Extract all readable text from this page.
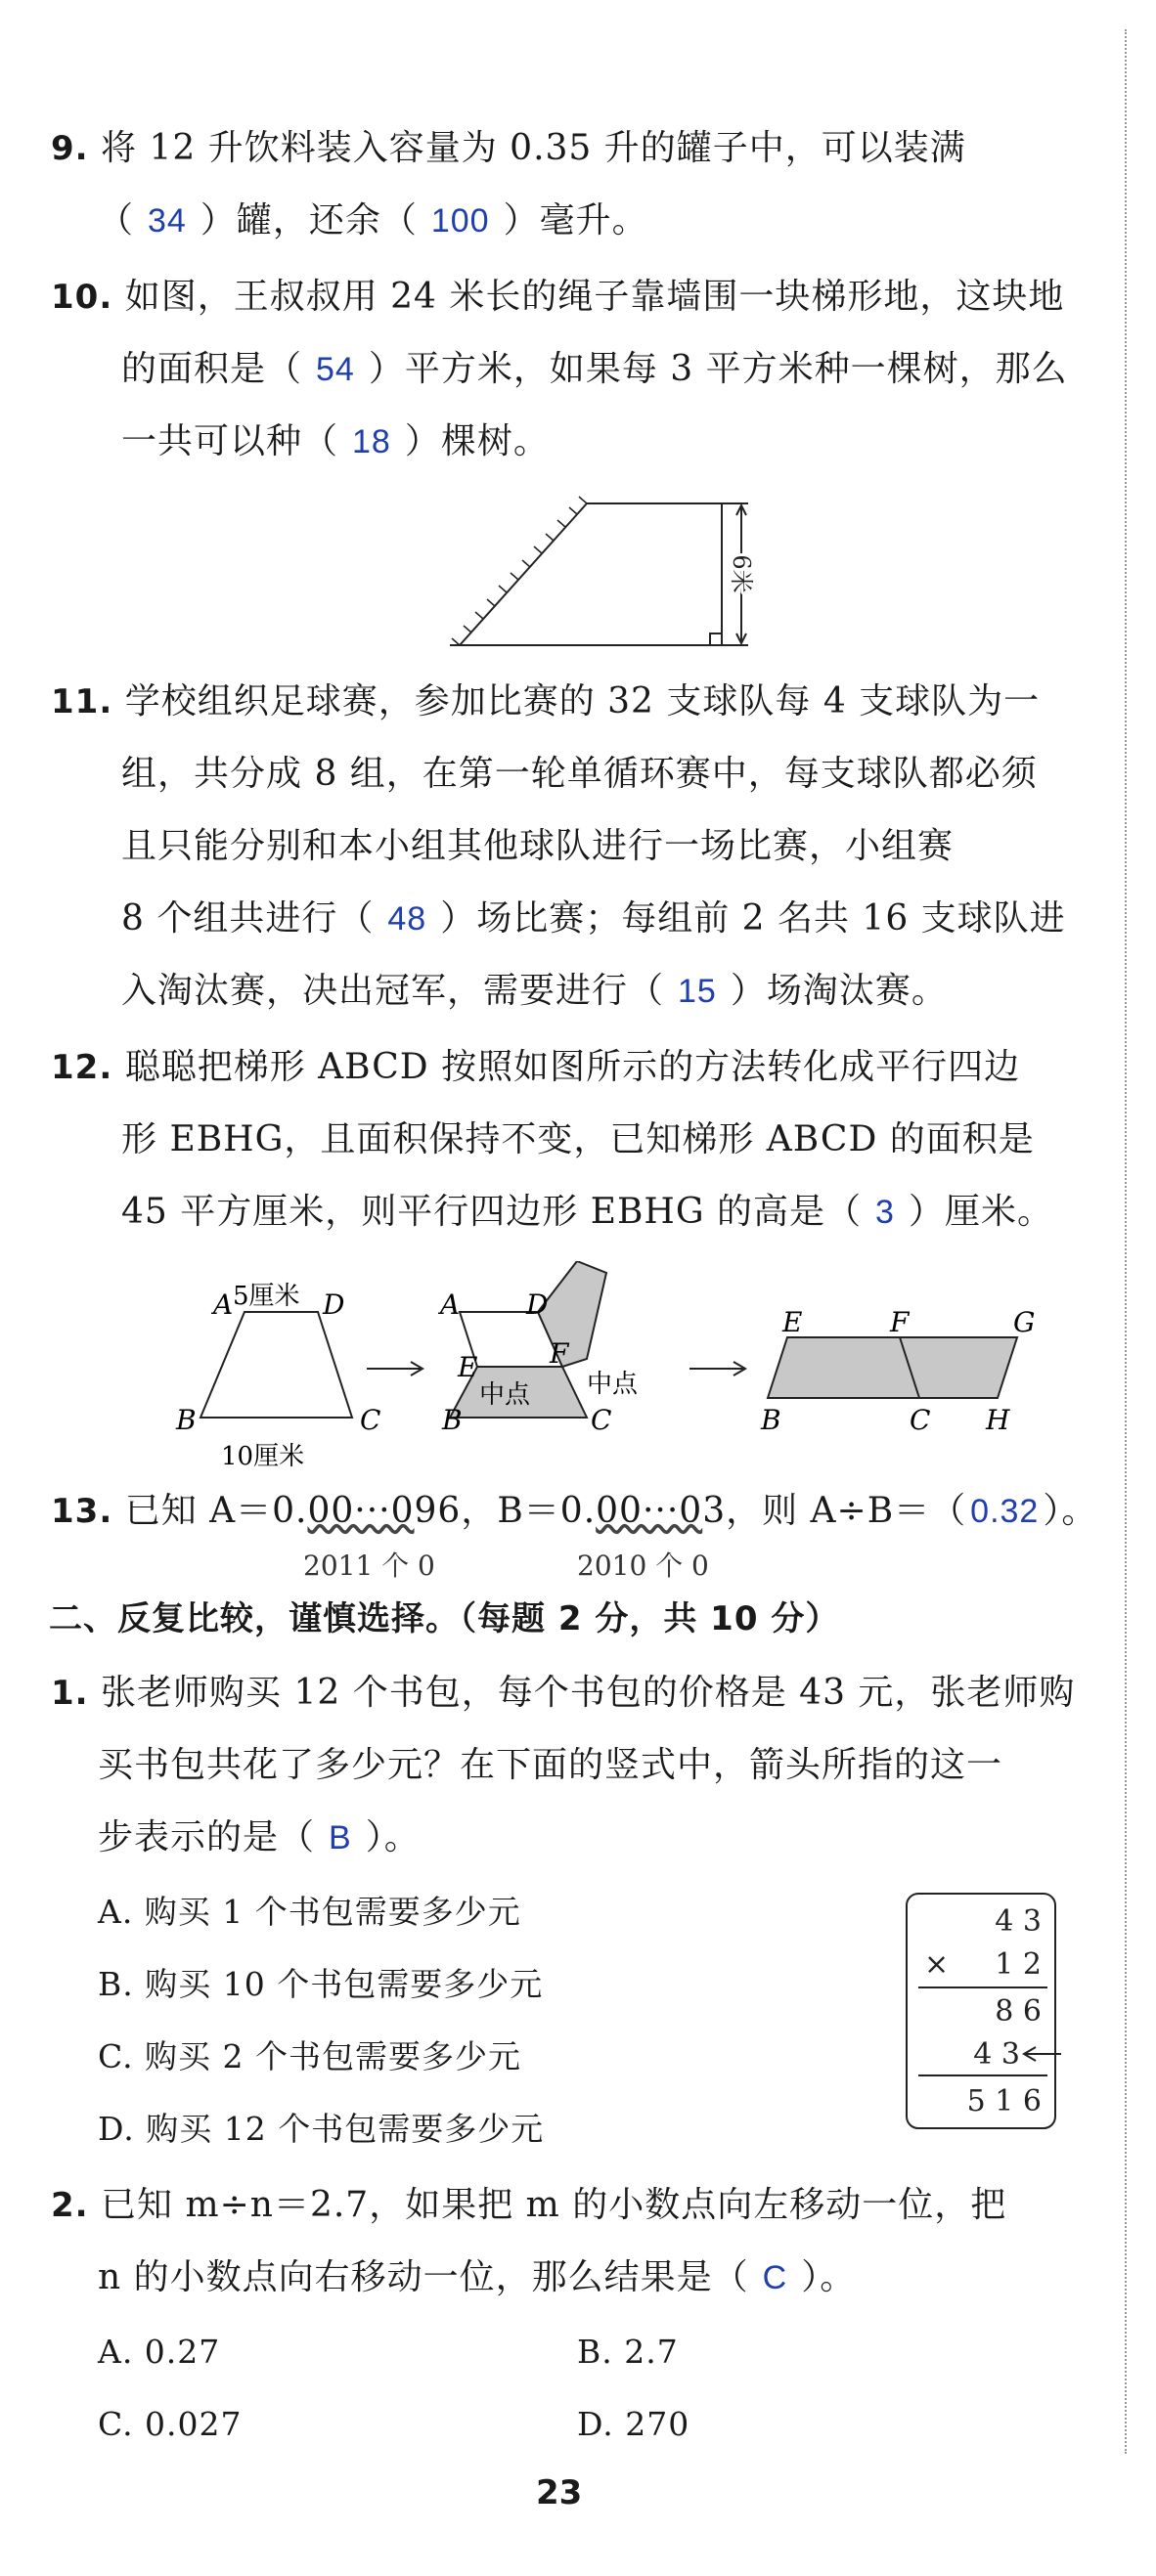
9. 将 12 升饮料装入容量为 0.35 升的罐子中，可以装满
（ 34 ）罐，还余（ 100 ）毫升。
10. 如图，王叔叔用 24 米长的绳子靠墙围一块梯形地，这块地
的面积是（ 54 ）平方米，如果每 3 平方米种一棵树，那么
一共可以种（ 18 ）棵树。
6米
11. 学校组织足球赛，参加比赛的 32 支球队每 4 支球队为一
组，共分成 8 组，在第一轮单循环赛中，每支球队都必须
且只能分别和本小组其他球队进行一场比赛，小组赛
8 个组共进行（ 48 ）场比赛；每组前 2 名共 16 支球队进
入淘汰赛，决出冠军，需要进行（ 15 ）场淘汰赛。
12. 聪聪把梯形 ABCD 按照如图所示的方法转化成平行四边
形 EBHG，且面积保持不变，已知梯形 ABCD 的面积是
45 平方厘米，则平行四边形 EBHG 的高是（ 3 ）厘米。
A	D
B	C
5厘米
10厘米
A D
E	F
B	C
中点 中点
E	F	G
B	C H
13. 已知 A＝0.00···096，B＝0.00···03，则 A÷B＝（ 0.32 ）。
2011 个 0	2010 个 0
二、反复比较，谨慎选择。（每题 2 分，共 10 分）
1. 张老师购买 12 个书包，每个书包的价格是 43 元，张老师购
买书包共花了多少元？在下面的竖式中，箭头所指的这一
步表示的是（ B ）。
A. 购买 1 个书包需要多少元
B. 购买 10 个书包需要多少元
C. 购买 2 个书包需要多少元
D. 购买 12 个书包需要多少元
4 3
× 1 2
8 6
4 3
5 1 6
2. 已知 m÷n＝2.7，如果把 m 的小数点向左移动一位，把
n 的小数点向右移动一位，那么结果是（ C ）。
A. 0.27	B. 2.7
C. 0.027	D. 270
23
